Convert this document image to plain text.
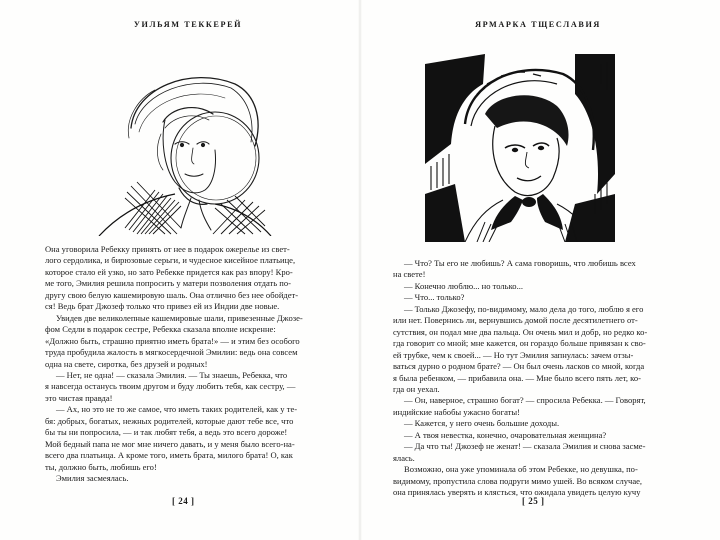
УИЛЬЯМ ТЕККЕРЕЙ
[ 24 ]
ЯРМАРКА ТЩЕСЛАВИЯ
[ 25 ]
Она уговорила Ребекку принять от нее в подарок ожерелье из свет-
лого сердолика, и бирюзовые серьги, и чудесное кисейное платьице,
которое стало ей узко, но зато Ребекке придется как раз впору! Кро-
ме того, Эмилия решила попросить у матери позволения отдать по-
другу свою белую кашемировую шаль. Она отлично без нее обойдет-
ся! Ведь брат Джозеф только что привез ей из Индии две новые.
Увидев две великолепные кашемировые шали, привезенные Джозе-
фом Седли в подарок сестре, Ребекка сказала вполне искренне:
«Должно быть, страшно приятно иметь брата!» — и этим без особого
труда пробудила жалость в мягкосердечной Эмилии: ведь она совсем
одна на свете, сиротка, без друзей и родных!
— Нет, не одна! — сказала Эмилия. — Ты знаешь, Ребекка, что
я навсегда останусь твоим другом и буду любить тебя, как сестру, —
это чистая правда!
— Ах, но это не то же самое, что иметь таких родителей, как у те-
бя: добрых, богатых, нежных родителей, которые дают тебе все, что
бы ты ни попросила, — и так любят тебя, а ведь это всего дороже!
Мой бедный папа не мог мне ничего давать, и у меня было всего-на-
всего два платьица. А кроме того, иметь брата, милого брата! О, как
ты, должно быть, любишь его!
Эмилия засмеялась.
— Что? Ты его не любишь? А сама говоришь, что любишь всех
на свете!
— Конечно люблю... но только...
— Что... только?
— Только Джозефу, по-видимому, мало дела до того, люблю я его
или нет. Повернись ли, вернувшись домой после десятилетнего от-
сутствия, он подал мне два пальца. Он очень мил и добр, но редко ко-
гда говорит со мной; мне кажется, он гораздо больше привязан к сво-
ей трубке, чем к своей... — Но тут Эмилия запнулась: зачем отзы-
ваться дурно о родном брате? — Он был очень ласков со мной, когда
я была ребенком, — прибавила она. — Мне было всего пять лет, ко-
гда он уехал.
— Он, наверное, страшно богат? — спросила Ребекка. — Говорят,
индийские набобы ужасно богаты!
— Кажется, у него очень большие доходы.
— А твоя невестка, конечно, очаровательная женщина?
— Да что ты! Джозеф не женат! — сказала Эмилия и снова засме-
ялась.
Возможно, она уже упоминала об этом Ребекке, но девушка, по-
видимому, пропустила слова подруги мимо ушей. Во всяком случае,
она принялась уверять и клясться, что ожидала увидеть целую кучу
